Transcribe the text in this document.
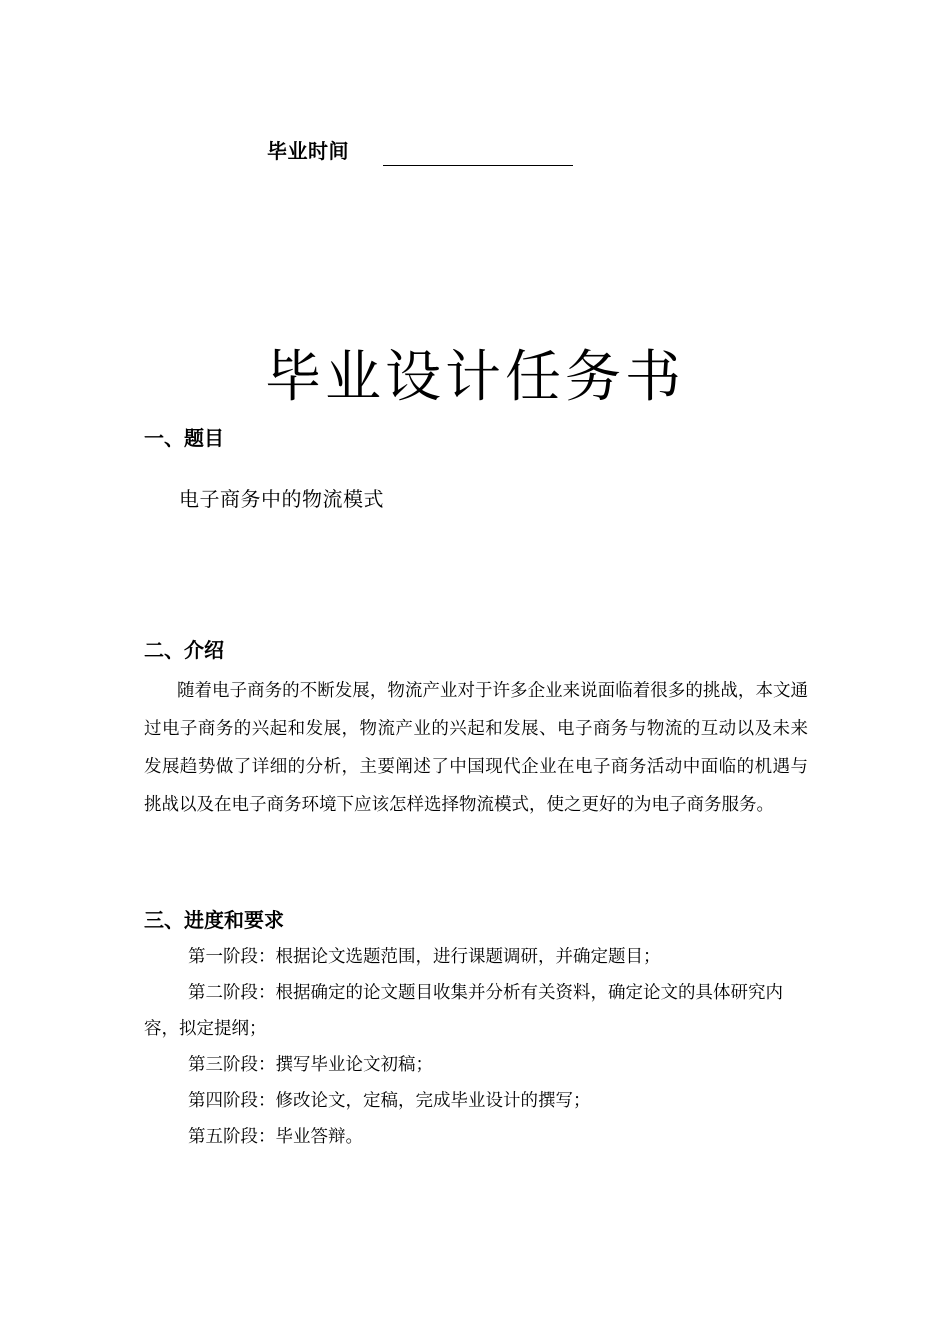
毕业时间
毕业设计任务书
一、题目
电子商务中的物流模式
二、介绍

随着电子商务的不断发展，物流产业对于许多企业来说面临着很多的挑战，本文通过电子商务的兴起和发展，物流产业的兴起和发展、电子商务与物流的互动以及未来发展趋势做了详细的分析，主要阐述了中国现代企业在电子商务活动中面临的机遇与挑战以及在电子商务环境下应该怎样选择物流模式，使之更好的为电子商务服务。

三、进度和要求
第一阶段：根据论文选题范围，进行课题调研，并确定题目；
第二阶段：根据确定的论文题目收集并分析有关资料，确定论文的具体研究内容，拟定提纲；
第三阶段：撰写毕业论文初稿；
第四阶段：修改论文，定稿，完成毕业设计的撰写；
第五阶段：毕业答辩。
